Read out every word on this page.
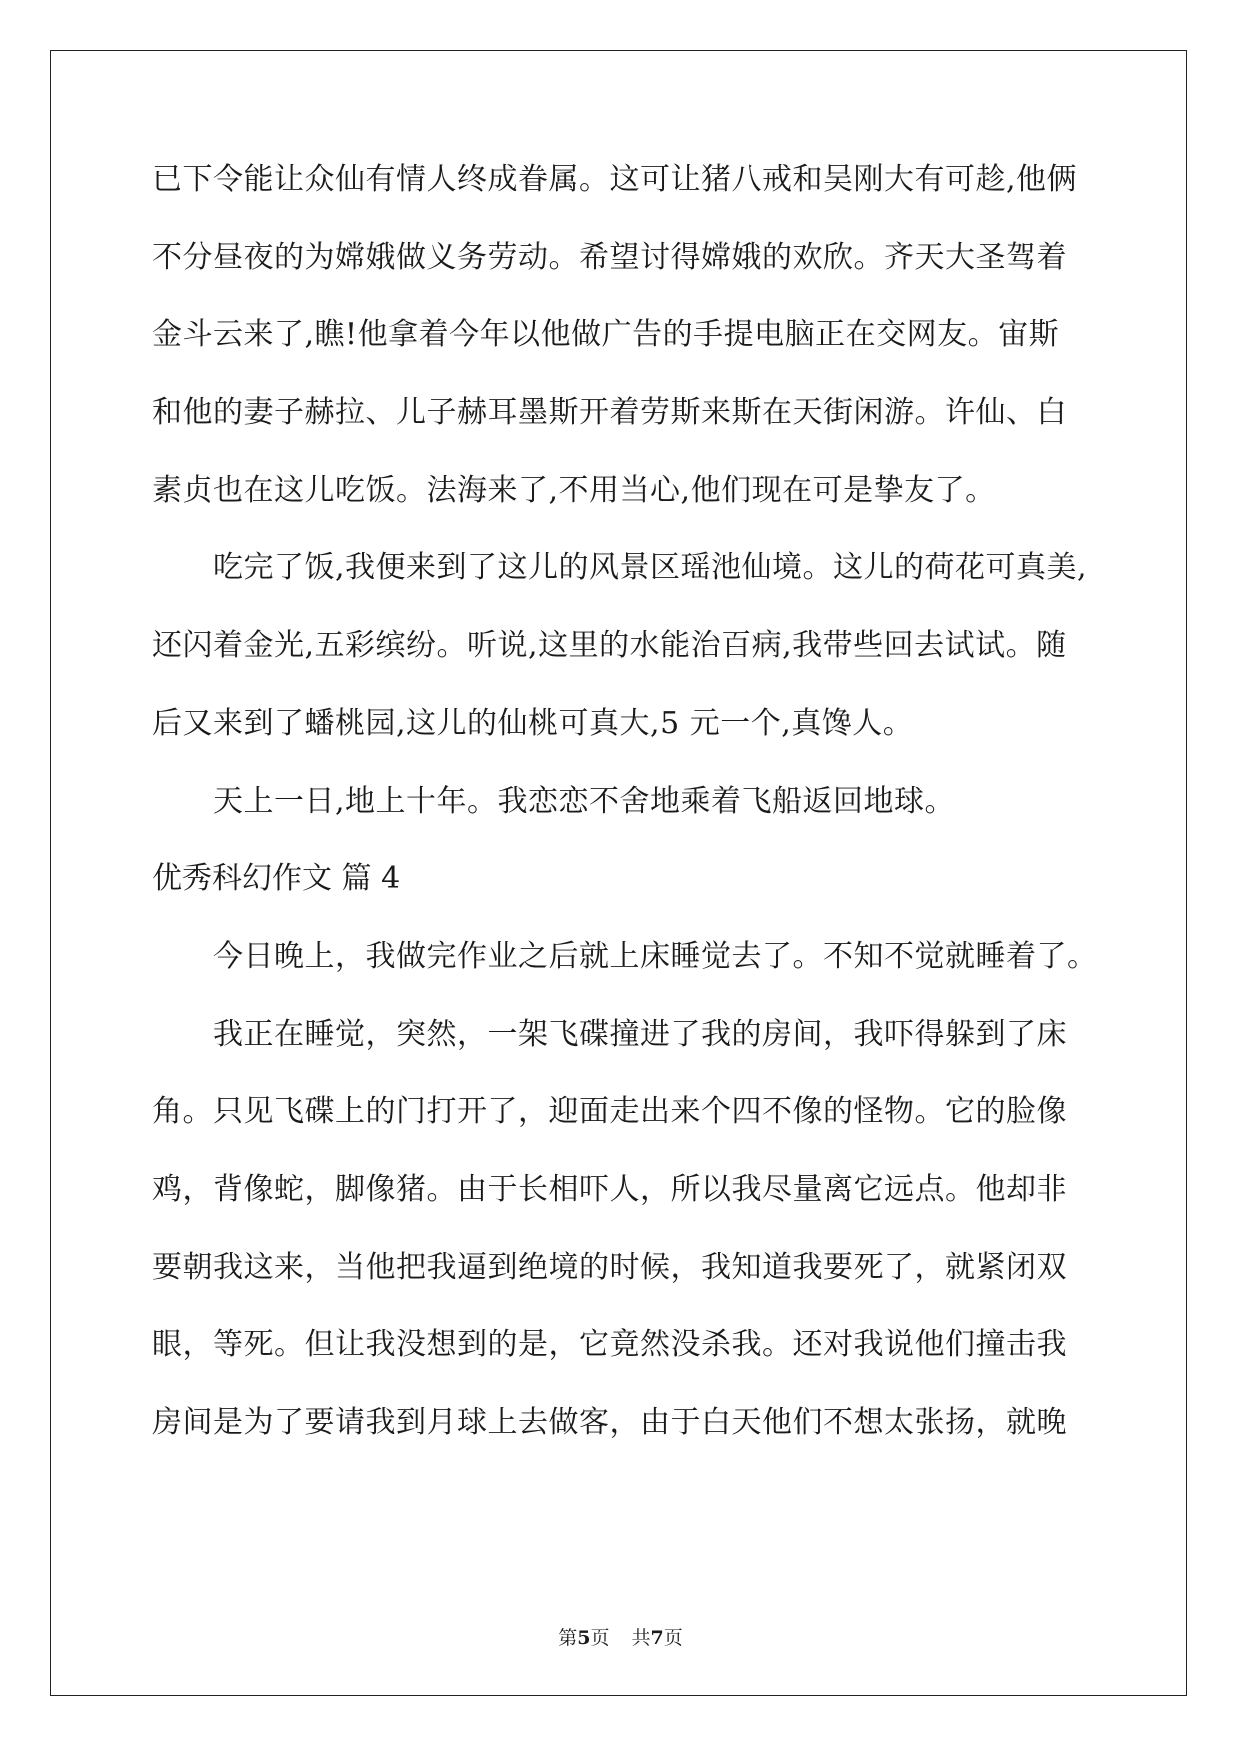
已下令能让众仙有情人终成眷属。这可让猪八戒和吴刚大有可趁,他俩
不分昼夜的为嫦娥做义务劳动。希望讨得嫦娥的欢欣。齐天大圣驾着
金斗云来了,瞧!他拿着今年以他做广告的手提电脑正在交网友。宙斯
和他的妻子赫拉、儿子赫耳墨斯开着劳斯来斯在天街闲游。许仙、白
素贞也在这儿吃饭。法海来了,不用当心,他们现在可是挚友了。
　　吃完了饭,我便来到了这儿的风景区瑶池仙境。这儿的荷花可真美,
还闪着金光,五彩缤纷。听说,这里的水能治百病,我带些回去试试。随
后又来到了蟠桃园,这儿的仙桃可真大,5 元一个,真馋人。
　　天上一日,地上十年。我恋恋不舍地乘着飞船返回地球。
优秀科幻作文 篇 4
　　今日晚上，我做完作业之后就上床睡觉去了。不知不觉就睡着了。
　　我正在睡觉，突然，一架飞碟撞进了我的房间，我吓得躲到了床
角。只见飞碟上的门打开了，迎面走出来个四不像的怪物。它的脸像
鸡，背像蛇，脚像猪。由于长相吓人，所以我尽量离它远点。他却非
要朝我这来，当他把我逼到绝境的时候，我知道我要死了，就紧闭双
眼，等死。但让我没想到的是，它竟然没杀我。还对我说他们撞击我
房间是为了要请我到月球上去做客，由于白天他们不想太张扬，就晚
第5页 共7页
